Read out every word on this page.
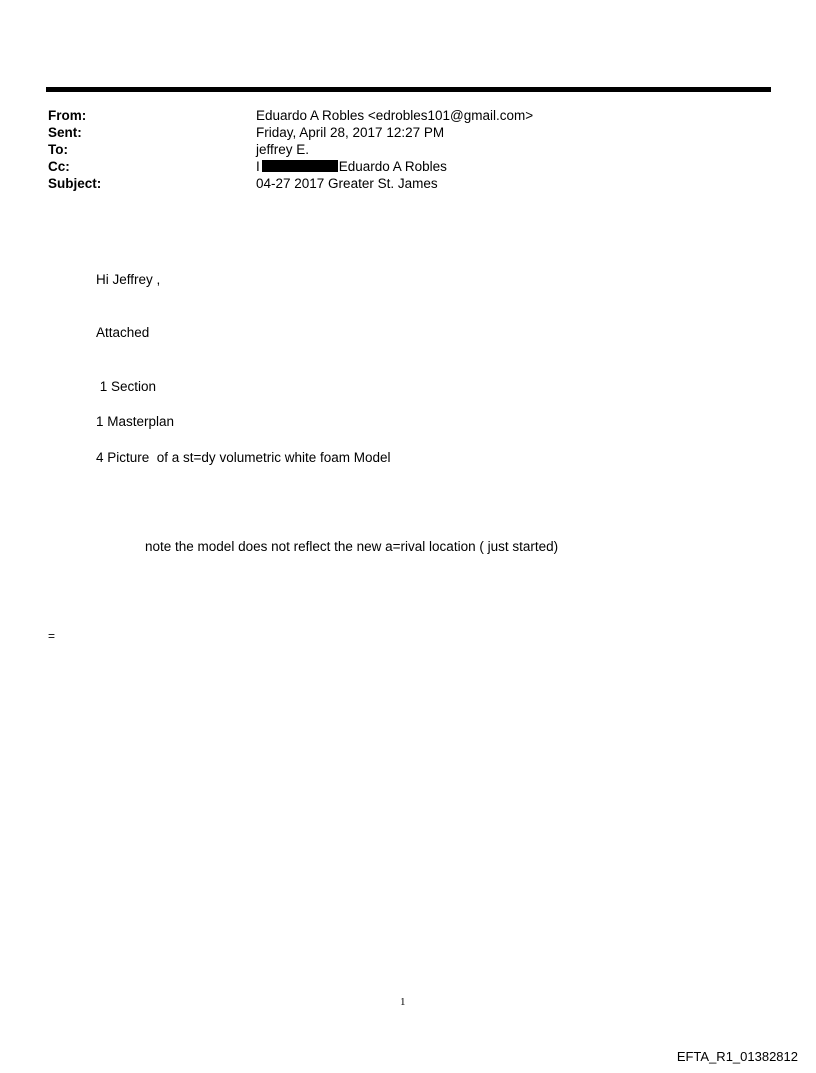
From:	Eduardo A Robles <edrobles101@gmail.com>
Sent:	Friday, April 28, 2017 12:27 PM
To:	jeffrey E.
Cc:	I	Eduardo A Robles
Subject:	04-27 2017 Greater St. James
Hi Jeffrey ,
Attached
1 Section
1 Masterplan
4 Picture  of a st=dy volumetric white foam Model
note the model does not reflect the new a=rival location ( just started)
=
1
EFTA_R1_01382812
